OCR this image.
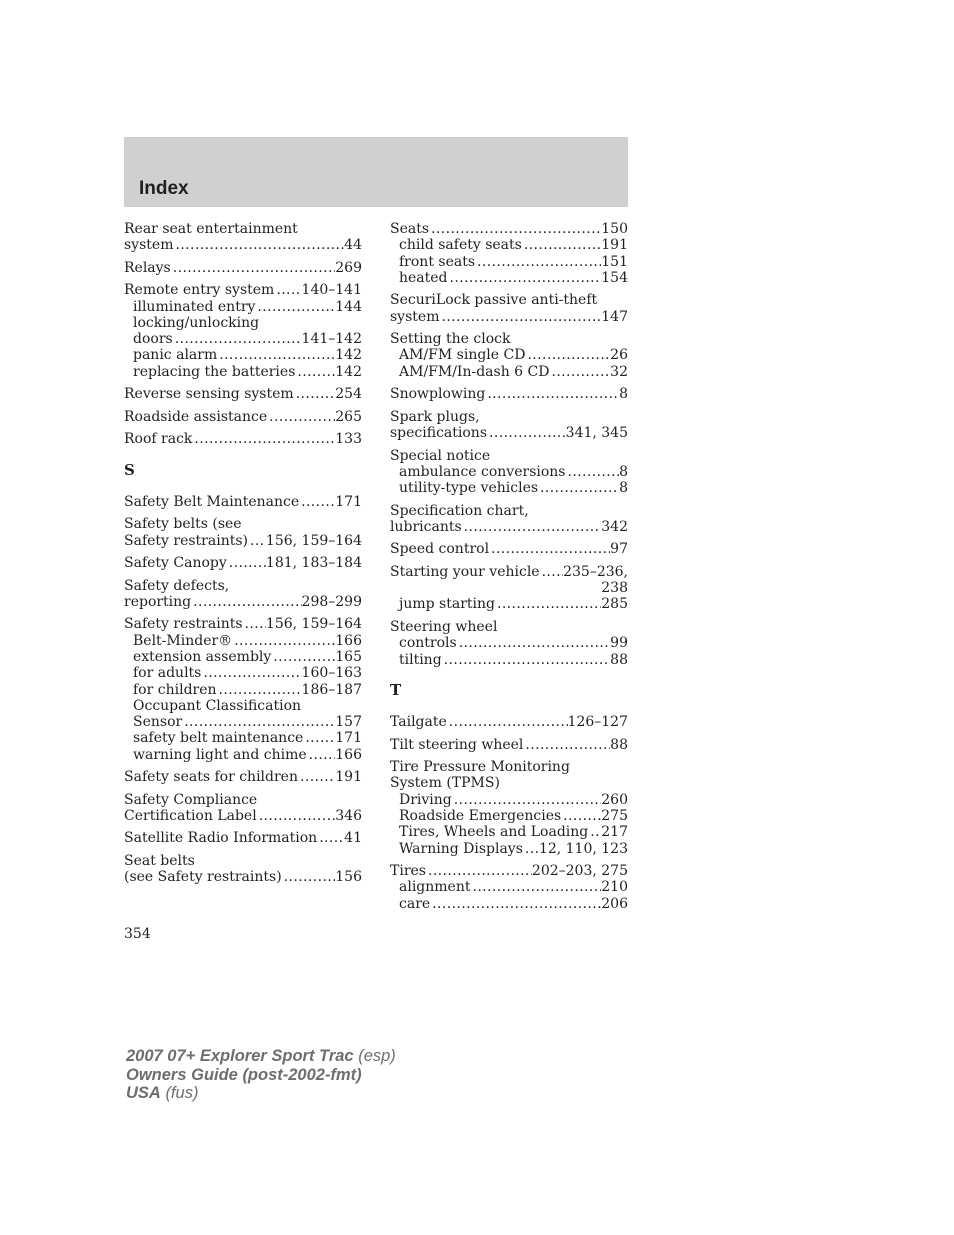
Index
Rear seat entertainment
system .....	44
Relays .....	269
Remote entry system ..... 140–141
illuminated entry .....	144
locking/unlocking
doors .....	141–142
panic alarm .....	142
replacing the batteries .....	142
Reverse sensing system .....	254
Roadside assistance .....	265
Roof rack .....	133
S
Safety Belt Maintenance .....	171
Safety belts (see
Safety restraints) ..... 156, 159–164
Safety Canopy .....	181, 183–184
Safety defects,
reporting .....	298–299
Safety restraints ..... 156, 159–164
Belt-Minder® .....	166
extension assembly .....	165
for adults .....	160–163
for children .....	186–187
Occupant Classification
Sensor .....	157
safety belt maintenance ..... 171
warning light and chime ..... 166
Safety seats for children .....	191
Safety Compliance
Certification Label .....	346
Satellite Radio Information ..... 41
Seat belts
(see Safety restraints) .....	156
Seats .....	150
child safety seats .....	191
front seats .....	151
heated .....	154
SecuriLock passive anti-theft
system .....	147
Setting the clock
AM/FM single CD .....	26
AM/FM/In-dash 6 CD .....	32
Snowplowing .....	8
Spark plugs,
specifications .....	341, 345
Special notice
ambulance conversions .....	8
utility-type vehicles .....	8
Specification chart,
lubricants .....	342
Speed control .....	97
Starting your vehicle ..... 235–236,
238
jump starting .....	285
Steering wheel
controls .....	99
tilting .....	88
T
Tailgate .....	126–127
Tilt steering wheel .....	88
Tire Pressure Monitoring
System (TPMS)
Driving .....	260
Roadside Emergencies .....	275
Tires, Wheels and Loading ..... 217
Warning Displays ..... 12, 110, 123
Tires .....	202–203, 275
alignment .....	210
care .....	206
354
2007 07+ Explorer Sport Trac (esp)
Owners Guide (post-2002-fmt)
USA (fus)
